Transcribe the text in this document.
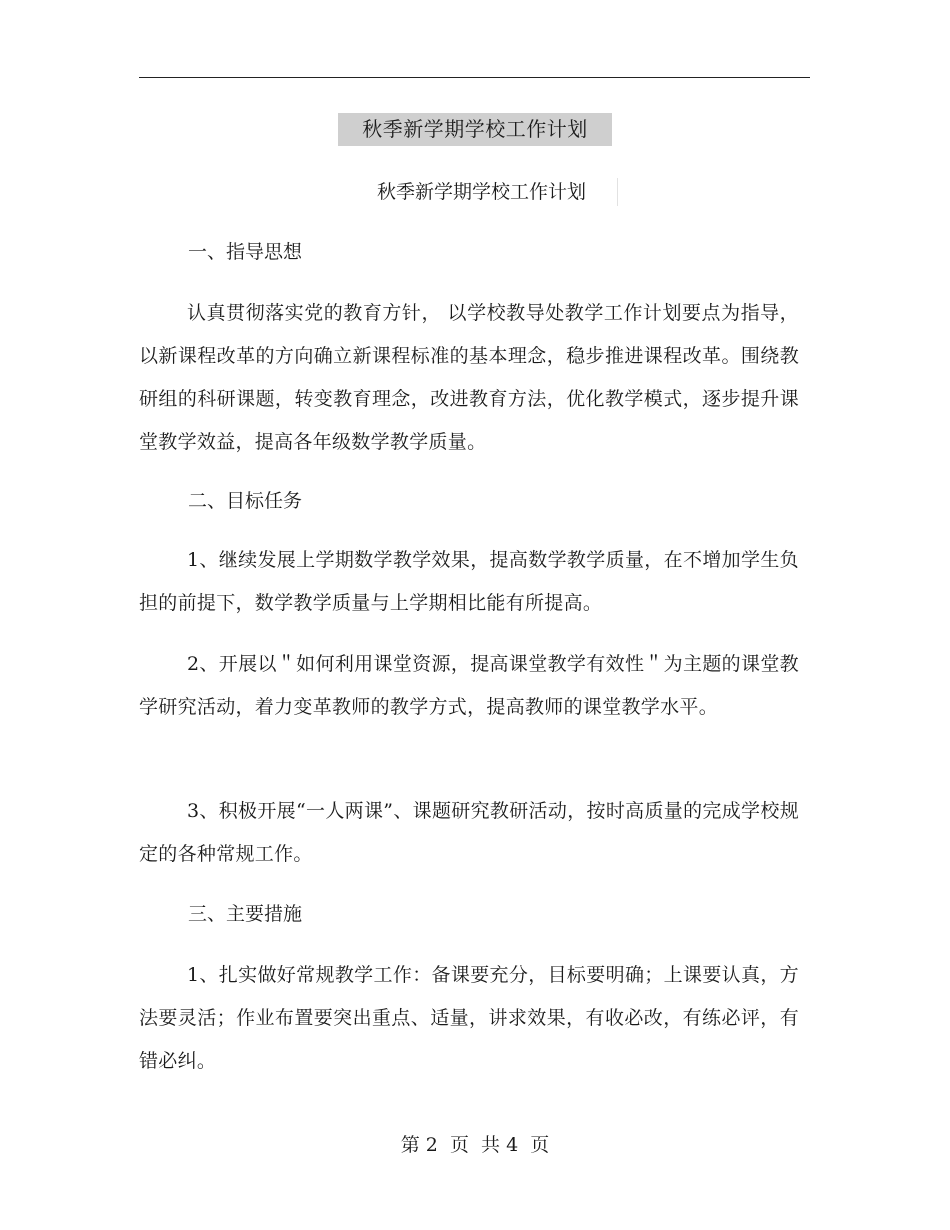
秋季新学期学校工作计划
秋季新学期学校工作计划
一、指导思想
认真贯彻落实党的教育方针， 以学校教导处教学工作计划要点为指导，以新课程改革的方向确立新课程标准的基本理念，稳步推进课程改革。围绕教研组的科研课题，转变教育理念，改进教育方法，优化教学模式，逐步提升课堂教学效益，提高各年级数学教学质量。
二、目标任务
1、继续发展上学期数学教学效果，提高数学教学质量，在不增加学生负担的前提下，数学教学质量与上学期相比能有所提高。
2、开展以＂如何利用课堂资源，提高课堂教学有效性＂为主题的课堂教学研究活动，着力变革教师的教学方式，提高教师的课堂教学水平。
3、积极开展“一人两课”、课题研究教研活动，按时高质量的完成学校规定的各种常规工作。
三、主要措施
1、扎实做好常规教学工作：备课要充分，目标要明确；上课要认真，方法要灵活；作业布置要突出重点、适量，讲求效果，有收必改，有练必评，有错必纠。
第 2  页  共 4  页
